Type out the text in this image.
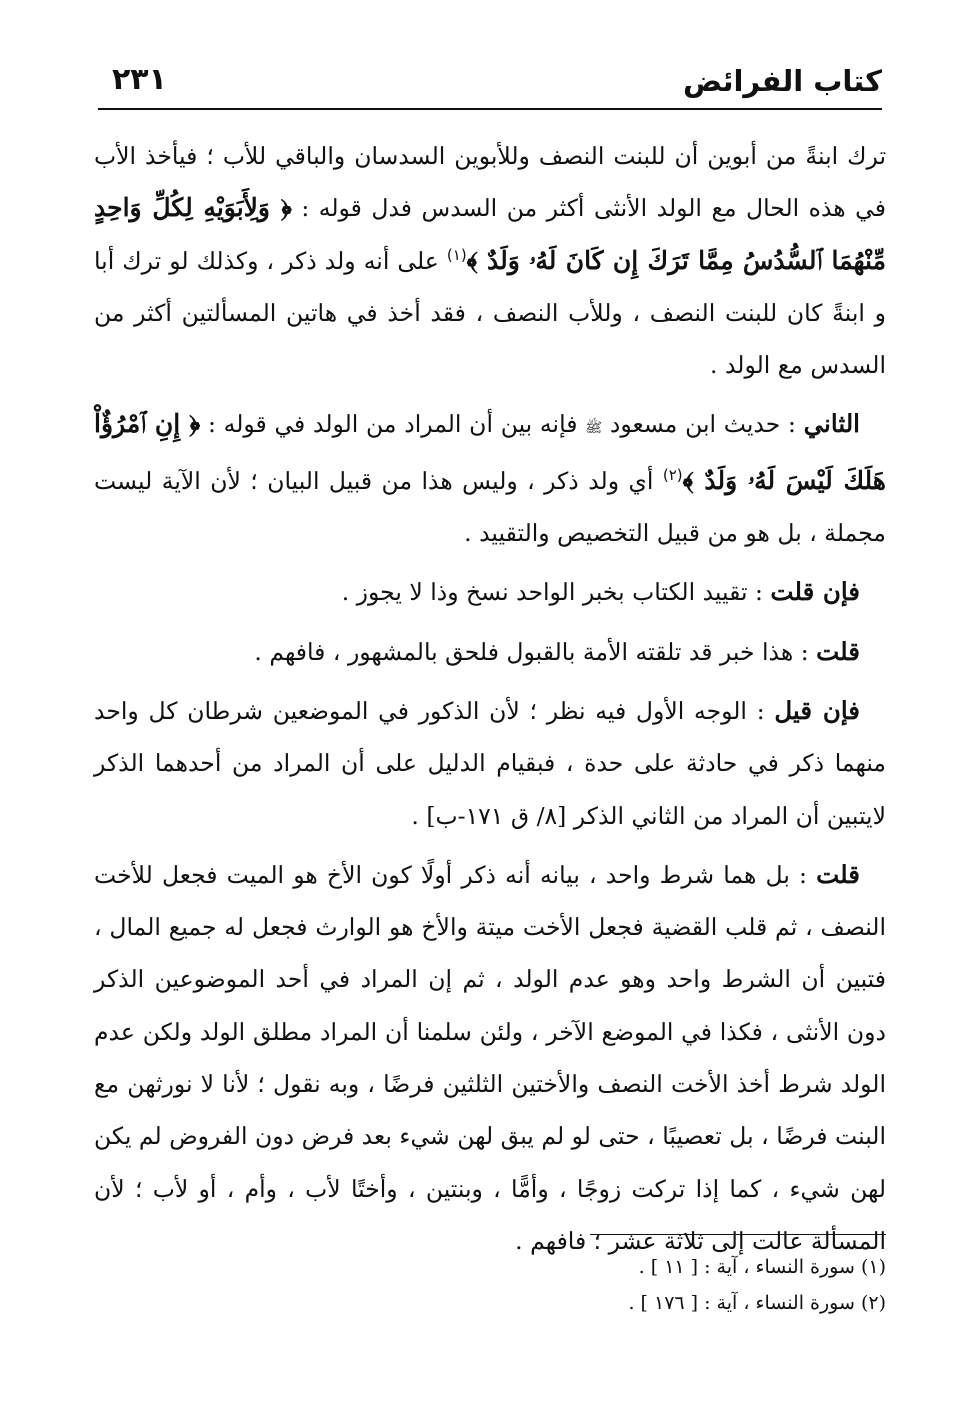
كتاب الفرائض
٢٣١

ترك ابنةً من أبوين أن للبنت النصف وللأبوين السدسان والباقي للأب ؛ فيأخذ الأب في هذه الحال مع الولد الأنثى أكثر من السدس فدل قوله : ﴿ وَلِأَبَوَيْهِ لِكُلِّ وَاحِدٍ مِّنْهُمَا ٱلسُّدُسُ مِمَّا تَرَكَ إِن كَانَ لَهُۥ وَلَدٌ ﴾$^{(١)}$ على أنه ولد ذكر ، وكذلك لو ترك أبا و ابنةً كان للبنت النصف ، وللأب النصف ، فقد أخذ في هاتين المسألتين أكثر من السدس مع الولد .

الثاني : حديث ابن مسعود ﷺ فإنه بين أن المراد من الولد في قوله : ﴿ إِنِ ٱمْرُؤٌاْ هَلَكَ لَيْسَ لَهُۥ وَلَدٌ ﴾$^{(٢)}$ أي ولد ذكر ، وليس هذا من قبيل البيان ؛ لأن الآية ليست مجملة ، بل هو من قبيل التخصيص والتقييد .

فإن قلت : تقييد الكتاب بخبر الواحد نسخ وذا لا يجوز .

قلت : هذا خبر قد تلقته الأمة بالقبول فلحق بالمشهور ، فافهم .

فإن قيل : الوجه الأول فيه نظر ؛ لأن الذكور في الموضعين شرطان كل واحد منهما ذكر في حادثة على حدة ، فبقيام الدليل على أن المراد من أحدهما الذكر لايتبين أن المراد من الثاني الذكر [٨/ ق ١٧١-ب] .

قلت : بل هما شرط واحد ، بيانه أنه ذكر أولًا كون الأخ هو الميت فجعل للأخت النصف ، ثم قلب القضية فجعل الأخت ميتة والأخ هو الوارث فجعل له جميع المال ، فتبين أن الشرط واحد وهو عدم الولد ، ثم إن المراد في أحد الموضوعين الذكر دون الأنثى ، فكذا في الموضع الآخر ، ولئن سلمنا أن المراد مطلق الولد ولكن عدم الولد شرط أخذ الأخت النصف والأختين الثلثين فرضًا ، وبه نقول ؛ لأنا لا نورثهن مع البنت فرضًا ، بل تعصيبًا ، حتى لو لم يبق لهن شيء بعد فرض دون الفروض لم يكن لهن شيء ، كما إذا تركت زوجًا ، وأمًّا ، وبنتين ، وأختًا لأب ، وأم ، أو لأب ؛ لأن المسألة عالت إلى ثلاثة عشر ؛ فافهم .

(١) سورة النساء ، آية : [ ١١ ] .

(٢) سورة النساء ، آية : [ ١٧٦ ] .
